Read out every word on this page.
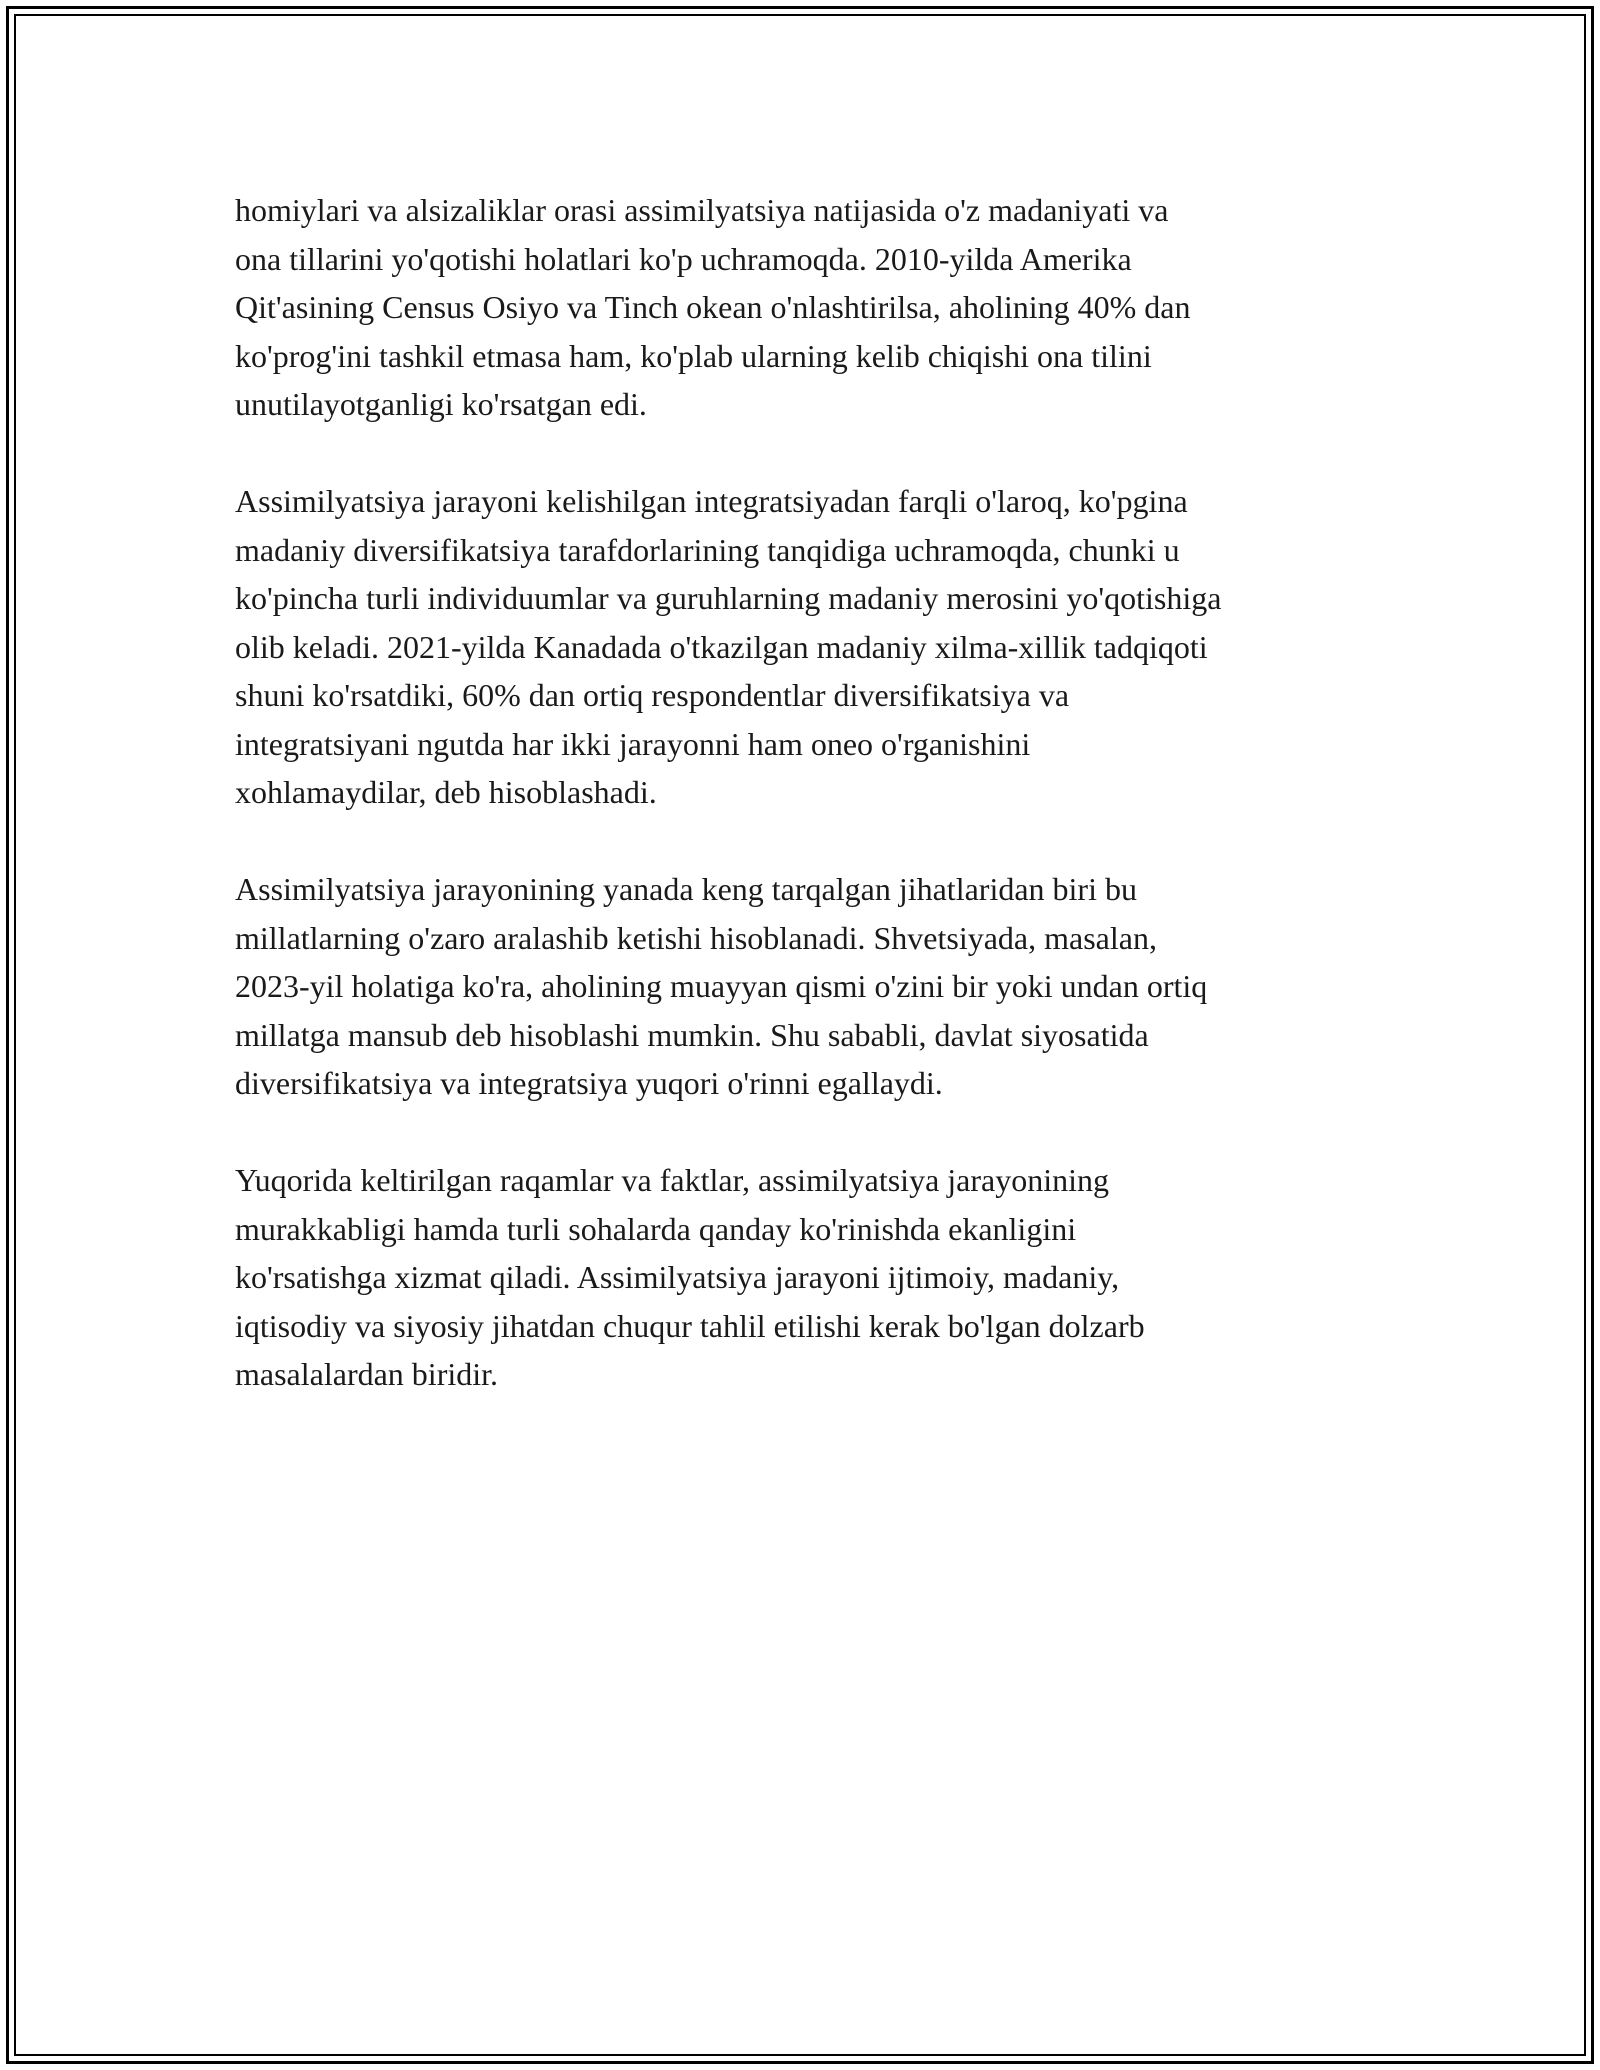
homiylari va alsizaliklar orasi assimilyatsiya natijasida o'z madaniyati va
ona tillarini yo'qotishi holatlari ko'p uchramoqda. 2010-yilda Amerika
Qit'asining Census Osiyo va Tinch okean o'nlashtirilsa, aholining 40% dan
ko'prog'ini tashkil etmasa ham, ko'plab ularning kelib chiqishi ona tilini
unutilayotganligi ko'rsatgan edi.

Assimilyatsiya jarayoni kelishilgan integratsiyadan farqli o'laroq, ko'pgina
madaniy diversifikatsiya tarafdorlarining tanqidiga uchramoqda, chunki u
ko'pincha turli individuumlar va guruhlarning madaniy merosini yo'qotishiga
olib keladi. 2021-yilda Kanadada o'tkazilgan madaniy xilma-xillik tadqiqoti
shuni ko'rsatdiki, 60% dan ortiq respondentlar diversifikatsiya va
integratsiyani ngutda har ikki jarayonni ham oneo o'rganishini
xohlamaydilar, deb hisoblashadi.

Assimilyatsiya jarayonining yanada keng tarqalgan jihatlaridan biri bu
millatlarning o'zaro aralashib ketishi hisoblanadi. Shvetsiyada, masalan,
2023-yil holatiga ko'ra, aholining muayyan qismi o'zini bir yoki undan ortiq
millatga mansub deb hisoblashi mumkin. Shu sababli, davlat siyosatida
diversifikatsiya va integratsiya yuqori o'rinni egallaydi.

Yuqorida keltirilgan raqamlar va faktlar, assimilyatsiya jarayonining
murakkabligi hamda turli sohalarda qanday ko'rinishda ekanligini
ko'rsatishga xizmat qiladi. Assimilyatsiya jarayoni ijtimoiy, madaniy,
iqtisodiy va siyosiy jihatdan chuqur tahlil etilishi kerak bo'lgan dolzarb
masalalardan biridir.
